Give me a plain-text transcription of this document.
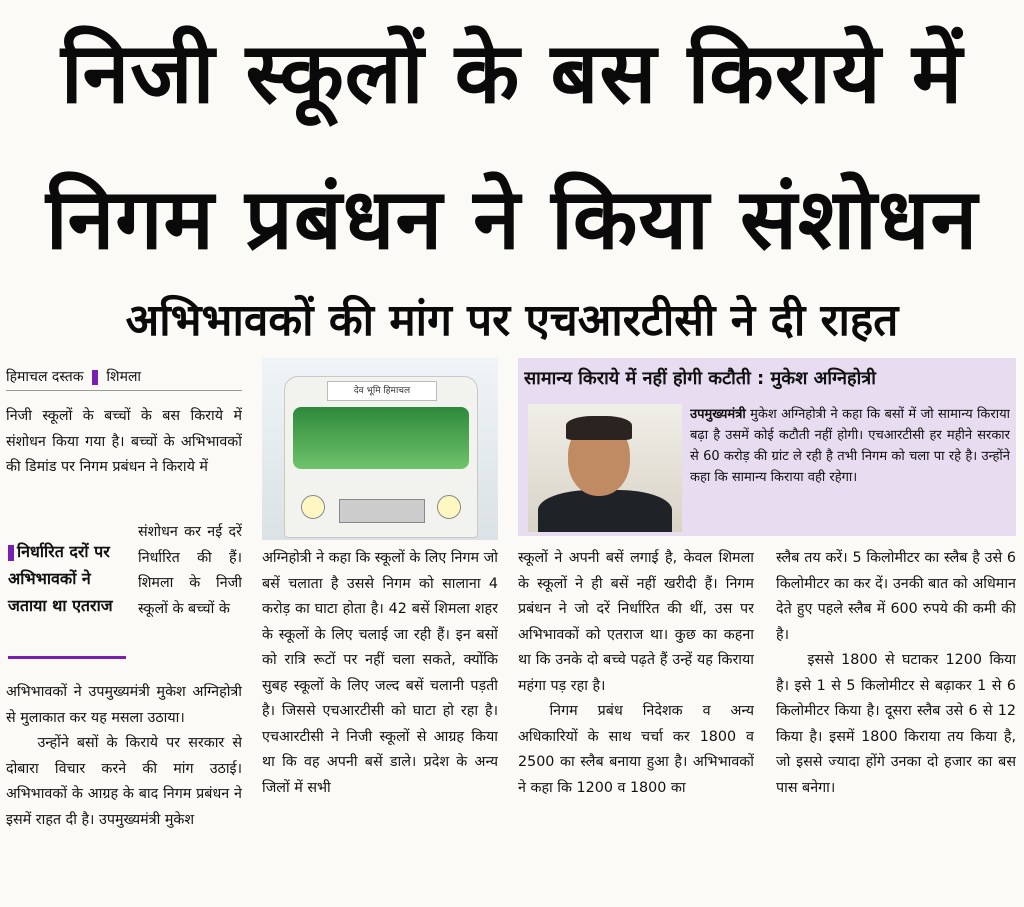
निजी स्कूलों के बस किराये में
निगम प्रबंधन ने किया संशोधन
अभिभावकों की मांग पर एचआरटीसी ने दी राहत
हिमाचल दस्तक शिमला

निजी स्कूलों के बच्चों के बस किराये में संशोधन किया गया है। बच्चों के अभिभावकों की डिमांड पर निगम प्रबंधन ने किराये में

संशोधन कर नई दरें निर्धारित की हैं। शिमला के निजी स्कूलों के बच्चों के

निर्धारित दरों पर अभिभावकों ने जताया था एतराज

अभिभावकों ने उपमुख्यमंत्री मुकेश अग्निहोत्री से मुलाकात कर यह मसला उठाया।

उन्होंने बसों के किराये पर सरकार से दोबारा विचार करने की मांग उठाई। अभिभावकों के आग्रह के बाद निगम प्रबंधन ने इसमें राहत दी है। उपमुख्यमंत्री मुकेश

देव भूमि हिमाचल

अग्निहोत्री ने कहा कि स्कूलों के लिए निगम जो बसें चलाता है उससे निगम को सालाना 4 करोड़ का घाटा होता है। 42 बसें शिमला शहर के स्कूलों के लिए चलाई जा रही हैं। इन बसों को रात्रि रूटों पर नहीं चला सकते, क्योंकि सुबह स्कूलों के लिए जल्द बसें चलानी पड़ती है। जिससे एचआरटीसी को घाटा हो रहा है। एचआरटीसी ने निजी स्कूलों से आग्रह किया था कि वह अपनी बसें डाले। प्रदेश के अन्य जिलों में सभी

सामान्य किराये में नहीं होगी कटौती : मुकेश अग्निहोत्री
उपमुख्यमंत्री मुकेश अग्निहोत्री ने कहा कि बसों में जो सामान्य किराया बढ़ा है उसमें कोई कटौती नहीं होगी। एचआरटीसी हर महीने सरकार से 60 करोड़ की ग्रांट ले रही है तभी निगम को चला पा रहे है। उन्होंने कहा कि सामान्य किराया वही रहेगा।

स्कूलों ने अपनी बसें लगाई है, केवल शिमला के स्कूलों ने ही बसें नहीं खरीदी हैं। निगम प्रबंधन ने जो दरें निर्धारित की थीं, उस पर अभिभावकों को एतराज था। कुछ का कहना था कि उनके दो बच्चे पढ़ते हैं उन्हें यह किराया महंगा पड़ रहा है।

निगम प्रबंध निदेशक व अन्य अधिकारियों के साथ चर्चा कर 1800 व 2500 का स्लैब बनाया हुआ है। अभिभावकों ने कहा कि 1200 व 1800 का

स्लैब तय करें। 5 किलोमीटर का स्लैब है उसे 6 किलोमीटर का कर दें। उनकी बात को अधिमान देते हुए पहले स्लैब में 600 रुपये की कमी की है।

इससे 1800 से घटाकर 1200 किया है। इसे 1 से 5 किलोमीटर से बढ़ाकर 1 से 6 किलोमीटर किया है। दूसरा स्लैब उसे 6 से 12 किया है। इसमें 1800 किराया तय किया है, जो इससे ज्यादा होंगे उनका दो हजार का बस पास बनेगा।
